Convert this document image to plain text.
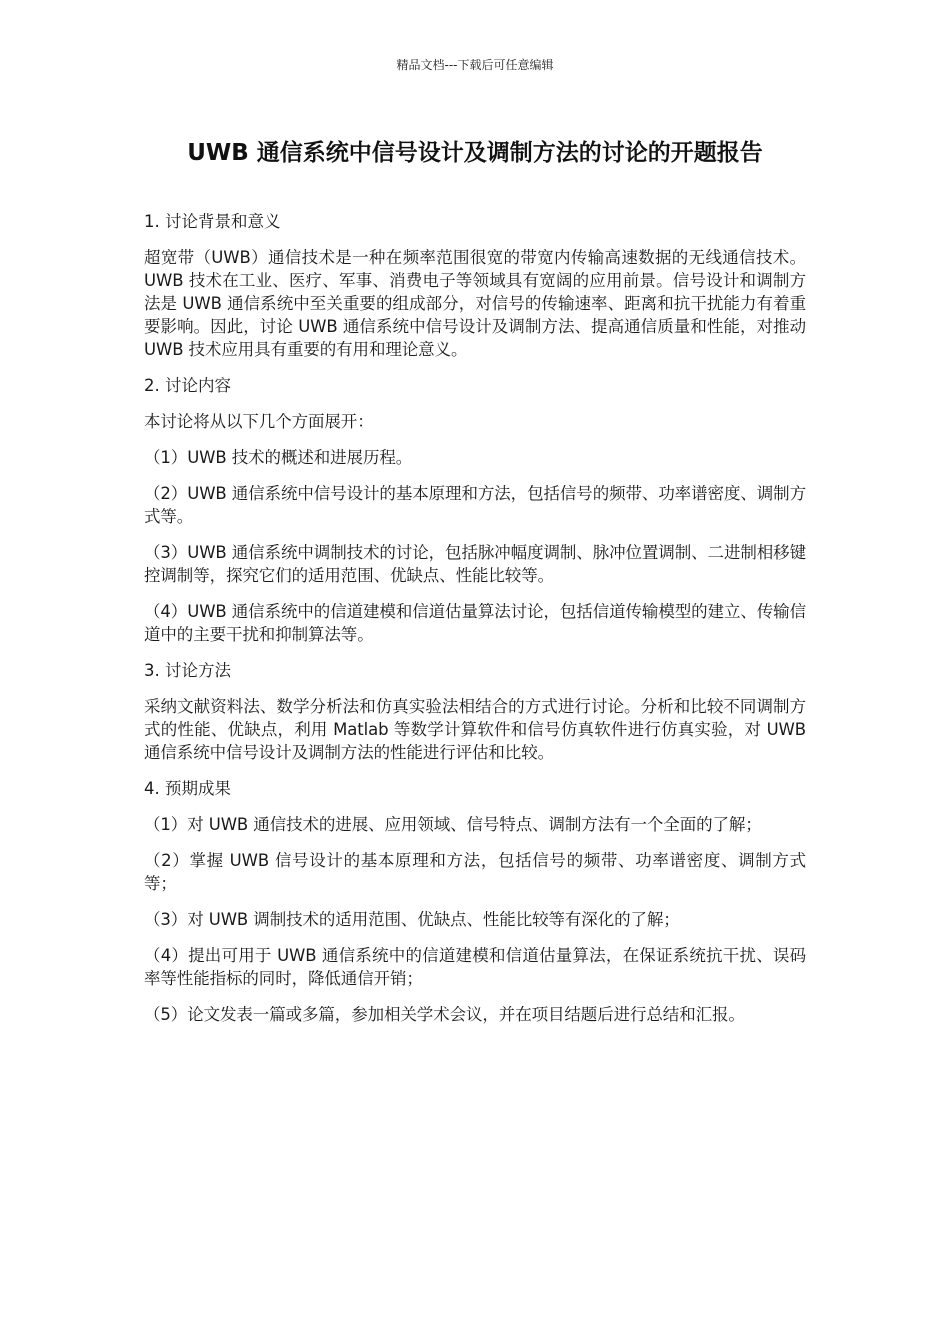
精品文档---下载后可任意编辑
UWB 通信系统中信号设计及调制方法的讨论的开题报告

1. 讨论背景和意义

超宽带（UWB）通信技术是一种在频率范围很宽的带宽内传输高速数据的无线通信技术。UWB 技术在工业、医疗、军事、消费电子等领域具有宽阔的应用前景。信号设计和调制方法是 UWB 通信系统中至关重要的组成部分，对信号的传输速率、距离和抗干扰能力有着重要影响。因此，讨论 UWB 通信系统中信号设计及调制方法、提高通信质量和性能，对推动 UWB 技术应用具有重要的有用和理论意义。

2. 讨论内容

本讨论将从以下几个方面展开：

（1）UWB 技术的概述和进展历程。

（2）UWB 通信系统中信号设计的基本原理和方法，包括信号的频带、功率谱密度、调制方式等。

（3）UWB 通信系统中调制技术的讨论，包括脉冲幅度调制、脉冲位置调制、二进制相移键控调制等，探究它们的适用范围、优缺点、性能比较等。

（4）UWB 通信系统中的信道建模和信道估量算法讨论，包括信道传输模型的建立、传输信道中的主要干扰和抑制算法等。

3. 讨论方法

采纳文献资料法、数学分析法和仿真实验法相结合的方式进行讨论。分析和比较不同调制方式的性能、优缺点，利用 Matlab 等数学计算软件和信号仿真软件进行仿真实验，对 UWB 通信系统中信号设计及调制方法的性能进行评估和比较。

4. 预期成果

（1）对 UWB 通信技术的进展、应用领域、信号特点、调制方法有一个全面的了解；

（2）掌握 UWB 信号设计的基本原理和方法，包括信号的频带、功率谱密度、调制方式等；

（3）对 UWB 调制技术的适用范围、优缺点、性能比较等有深化的了解；

（4）提出可用于 UWB 通信系统中的信道建模和信道估量算法，在保证系统抗干扰、误码率等性能指标的同时，降低通信开销；

（5）论文发表一篇或多篇，参加相关学术会议，并在项目结题后进行总结和汇报。
